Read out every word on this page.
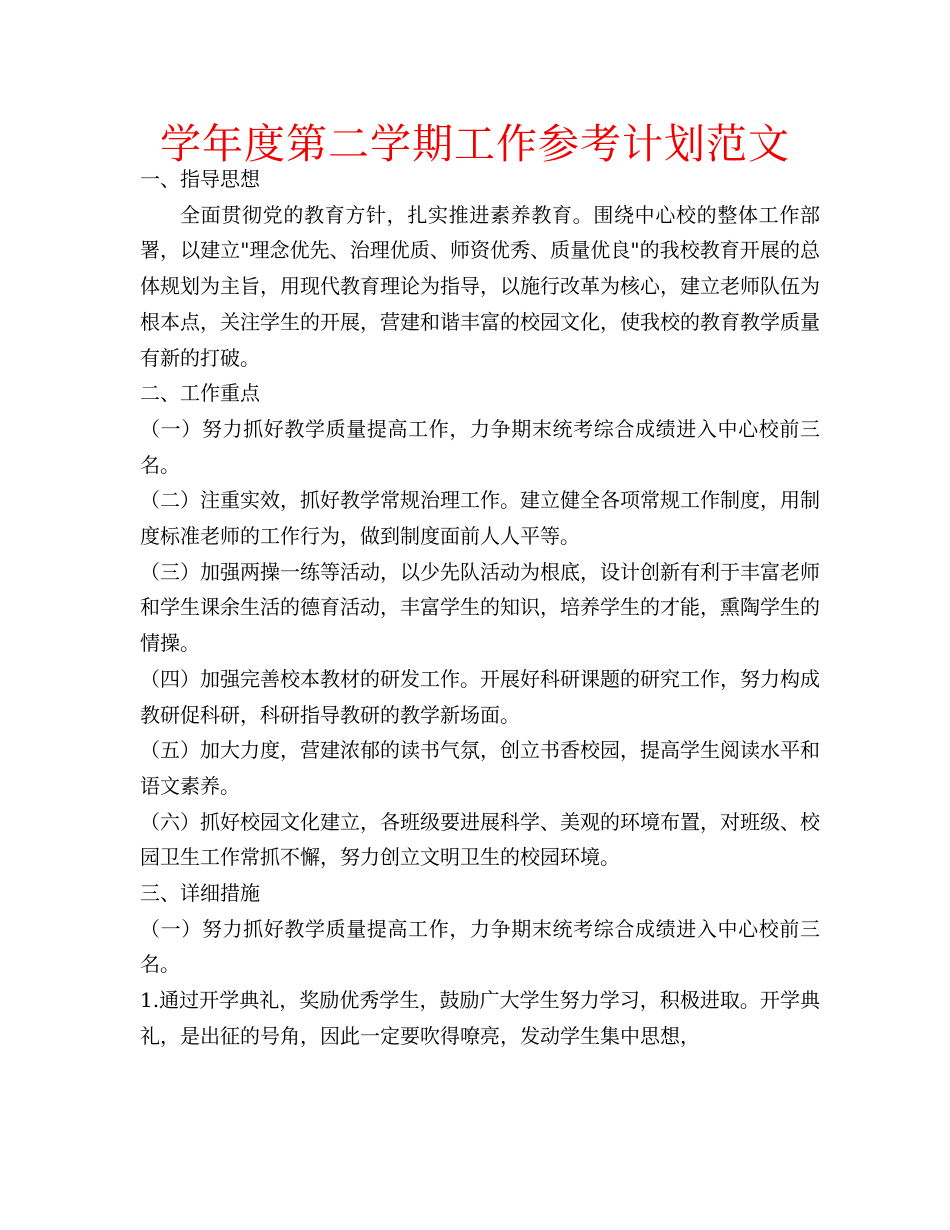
学年度第二学期工作参考计划范文

一、指导思想

全面贯彻党的教育方针，扎实推进素养教育。围绕中心校的整体工作部署，以建立"理念优先、治理优质、师资优秀、质量优良"的我校教育开展的总体规划为主旨，用现代教育理论为指导，以施行改革为核心，建立老师队伍为根本点，关注学生的开展，营建和谐丰富的校园文化，使我校的教育教学质量有新的打破。

二、工作重点

（一）努力抓好教学质量提高工作，力争期末统考综合成绩进入中心校前三名。

（二）注重实效，抓好教学常规治理工作。建立健全各项常规工作制度，用制度标准老师的工作行为，做到制度面前人人平等。

（三）加强两操一练等活动，以少先队活动为根底，设计创新有利于丰富老师和学生课余生活的德育活动，丰富学生的知识，培养学生的才能，熏陶学生的情操。

（四）加强完善校本教材的研发工作。开展好科研课题的研究工作，努力构成教研促科研，科研指导教研的教学新场面。

（五）加大力度，营建浓郁的读书气氛，创立书香校园，提高学生阅读水平和语文素养。

（六）抓好校园文化建立，各班级要进展科学、美观的环境布置，对班级、校园卫生工作常抓不懈，努力创立文明卫生的校园环境。

三、详细措施

（一）努力抓好教学质量提高工作，力争期末统考综合成绩进入中心校前三名。

1.通过开学典礼，奖励优秀学生，鼓励广大学生努力学习，积极进取。开学典礼，是出征的号角，因此一定要吹得嘹亮，发动学生集中思想，
